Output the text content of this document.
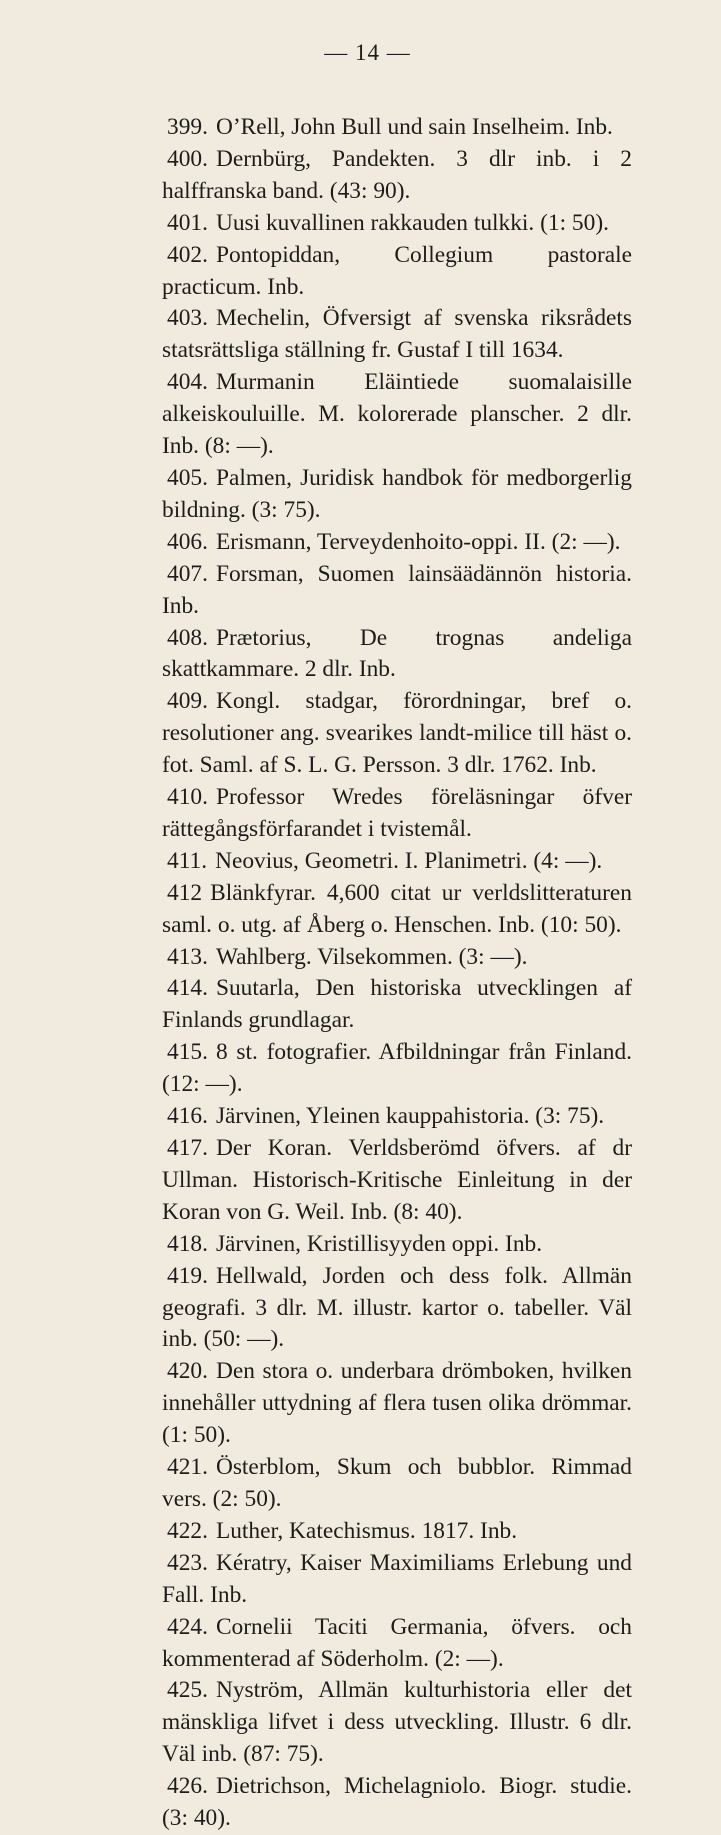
— 14 —

399. O’Rell, John Bull und sain Inselheim. Inb.

400. Dernbürg, Pandekten. 3 dlr inb. i 2 halffranska band. (43: 90).

401. Uusi kuvallinen rakkauden tulkki. (1: 50).

402. Pontopiddan, Collegium pastorale practicum. Inb.

403. Mechelin, Öfversigt af svenska riksrådets statsrättsliga ställning fr. Gustaf I till 1634.

404. Murmanin Eläintiede suomalaisille alkeiskouluille. M. kolorerade planscher. 2 dlr. Inb. (8: —).

405. Palmen, Juridisk handbok för medborgerlig bildning. (3: 75).

406. Erismann, Terveydenhoito-oppi. II. (2: —).

407. Forsman, Suomen lainsäädännön historia. Inb.

408. Prætorius, De trognas andeliga skattkammare. 2 dlr. Inb.

409. Kongl. stadgar, förordningar, bref o. resolutioner ang. svearikes landt-milice till häst o. fot. Saml. af S. L. G. Persson. 3 dlr. 1762. Inb.

410. Professor Wredes föreläsningar öfver rättegångsförfarandet i tvistemål.

411. Neovius, Geometri. I. Planimetri. (4: —).

412 Blänkfyrar. 4,600 citat ur verldslitteraturen saml. o. utg. af Åberg o. Henschen. Inb. (10: 50).

413. Wahlberg. Vilsekommen. (3: —).

414. Suutarla, Den historiska utvecklingen af Finlands grundlagar.

415. 8 st. fotografier. Afbildningar från Finland. (12: —).

416. Järvinen, Yleinen kauppahistoria. (3: 75).

417. Der Koran. Verldsberömd öfvers. af dr Ullman. Historisch-Kritische Einleitung in der Koran von G. Weil. Inb. (8: 40).

418. Järvinen, Kristillisyyden oppi. Inb.

419. Hellwald, Jorden och dess folk. Allmän geografi. 3 dlr. M. illustr. kartor o. tabeller. Väl inb. (50: —).

420. Den stora o. underbara drömboken, hvilken innehåller uttydning af flera tusen olika drömmar. (1: 50).

421. Österblom, Skum och bubblor. Rimmad vers. (2: 50).

422. Luther, Katechismus. 1817. Inb.

423. Kératry, Kaiser Maximiliams Erlebung und Fall. Inb.

424. Cornelii Taciti Germania, öfvers. och kommenterad af Söderholm. (2: —).

425. Nyström, Allmän kulturhistoria eller det mänskliga lifvet i dess utveckling. Illustr. 6 dlr. Väl inb. (87: 75).

426. Dietrichson, Michelagniolo. Biogr. studie. (3: 40).
